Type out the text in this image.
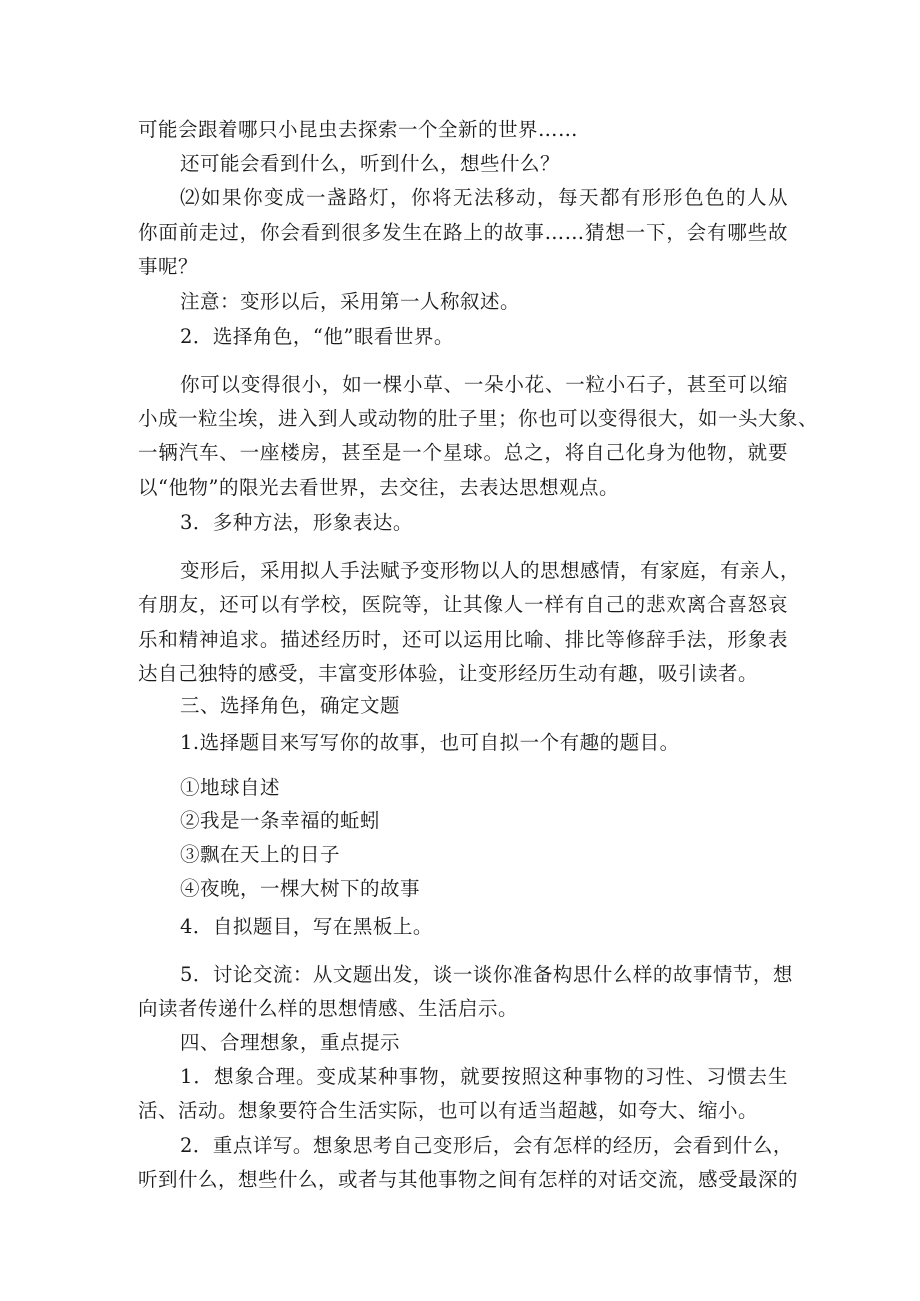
可能会跟着哪只小昆虫去探索一个全新的世界……
还可能会看到什么，听到什么，想些什么？
⑵如果你变成一盏路灯，你将无法移动，每天都有形形色色的人从
你面前走过，你会看到很多发生在路上的故事……猜想一下，会有哪些故
事呢？
注意：变形以后，采用第一人称叙述。
2．选择角色，“他”眼看世界。
你可以变得很小，如一棵小草、一朵小花、一粒小石子，甚至可以缩
小成一粒尘埃，进入到人或动物的肚子里；你也可以变得很大，如一头大象、
一辆汽车、一座楼房，甚至是一个星球。总之，将自己化身为他物，就要
以“他物”的限光去看世界，去交往，去表达思想观点。
3．多种方法，形象表达。
变形后，采用拟人手法赋予变形物以人的思想感情，有家庭，有亲人，
有朋友，还可以有学校，医院等，让其像人一样有自己的悲欢离合喜怒哀
乐和精神追求。描述经历时，还可以运用比喻、排比等修辞手法，形象表
达自己独特的感受，丰富变形体验，让变形经历生动有趣，吸引读者。
三、选择角色，确定文题
1.选择题目来写写你的故事，也可自拟一个有趣的题目。
①地球自述
②我是一条幸福的蚯蚓
③飘在天上的日子
④夜晚，一棵大树下的故事
4．自拟题目，写在黑板上。
5．讨论交流：从文题出发，谈一谈你准备构思什么样的故事情节，想
向读者传递什么样的思想情感、生活启示。
四、合理想象，重点提示
1．想象合理。变成某种事物，就要按照这种事物的习性、习惯去生
活、活动。想象要符合生活实际，也可以有适当超越，如夸大、缩小。
2．重点详写。想象思考自己变形后，会有怎样的经历，会看到什么，
听到什么，想些什么，或者与其他事物之间有怎样的对话交流，感受最深的
